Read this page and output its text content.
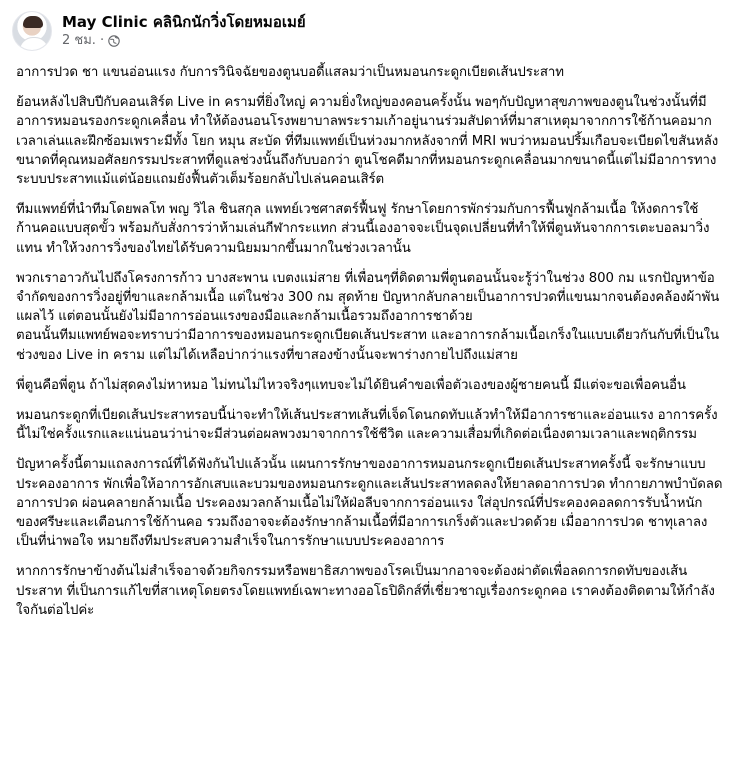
May Clinic คลินิกนักวิ่งโดยหมอเมย์
2 ชม. ·

อาการปวด ชา แขนอ่อนแรง กับการวินิจฉัยของตูนบอดี้แสลมว่าเป็นหมอนกระดูกเบียดเส้นประสาท

ย้อนหลังไปสิบปีกับคอนเสิร์ต Live in ครามที่ยิ่งใหญ่ ความยิ่งใหญ่ของคอนครั้งนั้น พอๆกับปัญหาสุขภาพของตูนในช่วงนั้นที่มีอาการหมอนรองกระดูกเคลื่อน ทำให้ต้องนอนโรงพยาบาลพระรามเก้าอยู่นานร่วมสัปดาห์ที่มาสาเหตุมาจากการใช้ก้านคอมากเวลาเล่นและฝึกซ้อมเพราะมีทั้ง โยก หมุน สะบัด ที่ทีมแพทย์เป็นห่วงมากหลังจากที่ MRI พบว่าหมอนปริ้มเกือบจะเบียดไขสันหลังขนาดที่คุณหมอศัลยกรรมประสาทที่ดูแลช่วงนั้นถึงกับบอกว่า ตูนโชคดีมากที่หมอนกระดูกเคลื่อนมากขนาดนี้แต่ไม่มีอาการทางระบบประสาทแม้แต่น้อยแถมยังฟื้นตัวเต็มร้อยกลับไปเล่นคอนเสิร์ต

ทีมแพทย์ที่นำทีมโดยพลโท พญ วิไล ชินสกุล แพทย์เวชศาสตร์ฟื้นฟู รักษาโดยการพักร่วมกับการฟื้นฟูกล้ามเนื้อ ให้งดการใช้ก้านคอแบบสุดขั้ว พร้อมกับสั่งการว่าห้ามเล่นกีฬากระแทก ส่วนนี้เองอาจจะเป็นจุดเปลี่ยนที่ทำให้พี่ตูนหันจากการเตะบอลมาวิ่งแทน ทำให้วงการวิ่งของไทยได้รับความนิยมมากขึ้นมากในช่วงเวลานั้น

พวกเราอาวกันไปถึงโครงการก้าว บางสะพาน เบตงแม่สาย ที่เพื่อนๆที่ติดตามพี่ตูนตอนนั้นจะรู้ว่าในช่วง 800 กม แรกปัญหาข้อจำกัดของการวิ่งอยู่ที่ขาและกล้ามเนื้อ แต่ในช่วง 300 กม สุดท้าย ปัญหากลับกลายเป็นอาการปวดที่แขนมากจนต้องคล้องผ้าพันแผลไว้ แต่ตอนนั้นยังไม่มีอาการอ่อนแรงของมือและกล้ามเนื้อรวมถึงอาการชาด้วย

ตอนนั้นทีมแพทย์พอจะทราบว่ามีอาการของหมอนกระดูกเบียดเส้นประสาท และอาการกล้ามเนื้อเกร็งในแบบเดียวกันกับที่เป็นในช่วงของ Live in คราม แต่ไม่ได้เหลือบ่ากว่าแรงที่ขาสองข้างนั้นจะพาร่างกายไปถึงแม่สาย

พี่ตูนคือพี่ตูน ถ้าไม่สุดคงไม่หาหมอ ไม่ทนไม่ไหวจริงๆแทบจะไม่ได้ยินคำขอเพื่อตัวเองของผู้ชายคนนี้ มีแต่จะขอเพื่อคนอื่น

หมอนกระดูกที่เบียดเส้นประสาทรอบนี้น่าจะทำให้เส้นประสาทเส้นที่เจ็ดโดนกดทับแล้วทำให้มีอาการชาและอ่อนแรง อาการครั้งนี้ไม่ใช่ครั้งแรกและแน่นอนว่าน่าจะมีส่วนต่อผลพวงมาจากการใช้ชีวิต และความเสื่อมที่เกิดต่อเนื่องตามเวลาและพฤติกรรม

ปัญหาครั้งนี้ตามแถลงการณ์ที่ได้ฟังกันไปแล้วนั้น แผนการรักษาของอาการหมอนกระดูกเบียดเส้นประสาทครั้งนี้ จะรักษาแบบประคองอาการ พักเพื่อให้อาการอักเสบและบวมของหมอนกระดูกและเส้นประสาทลดลงให้ยาลดอาการปวด ทำกายภาพบำบัดลดอาการปวด ผ่อนคลายกล้ามเนื้อ ประคองมวลกล้ามเนื้อไม่ให้ฝ่อลีบจากการอ่อนแรง ใส่อุปกรณ์ที่ประคองคอลดการรับน้ำหนักของศรีษะและเตือนการใช้ก้านคอ รวมถึงอาจจะต้องรักษากล้ามเนื้อที่มีอาการเกร็งตัวและปวดด้วย เมื่ออาการปวด ชาทุเลาลง เป็นที่น่าพอใจ หมายถึงทีมประสบความสำเร็จในการรักษาแบบประคองอาการ

หากการรักษาข้างต้นไม่สำเร็จอาจด้วยกิจกรรมหรือพยาธิสภาพของโรคเป็นมากอาจจะต้องผ่าตัดเพื่อลดการกดทับของเส้นประสาท ที่เป็นการแก้ไขที่สาเหตุโดยตรงโดยแพทย์เฉพาะทางออโธปิดิกส์ที่เชี่ยวชาญเรื่องกระดูกคอ เราคงต้องติดตามให้กำลังใจกันต่อไปค่ะ
